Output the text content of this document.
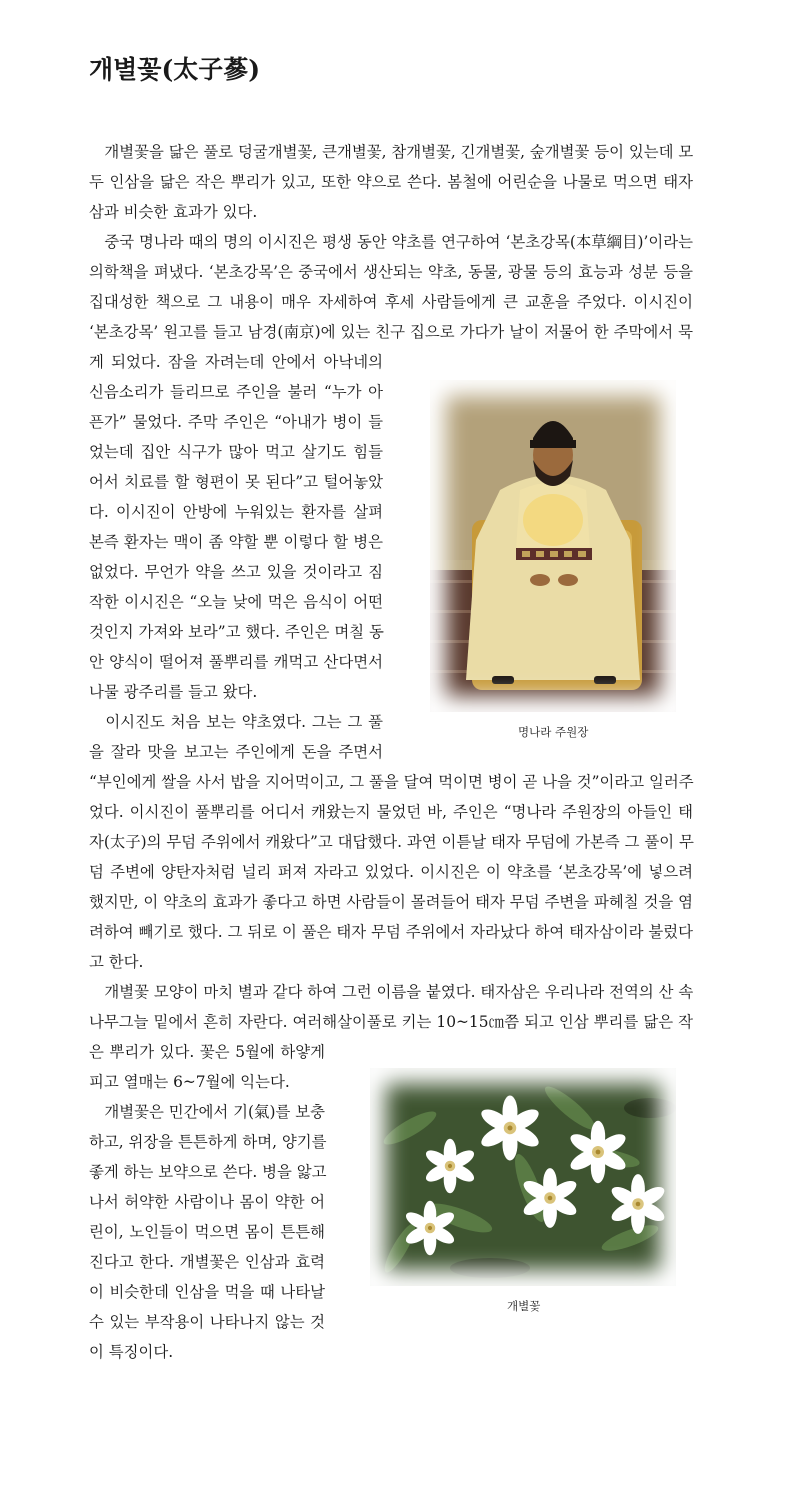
개별꽃(太子蔘)
　개별꽃을 닮은 풀로 덩굴개별꽃, 큰개별꽃, 참개별꽃, 긴개별꽃, 숲개별꽃 등이 있는데 모
두 인삼을 닮은 작은 뿌리가 있고, 또한 약으로 쓴다. 봄철에 어린순을 나물로 먹으면 태자
삼과 비슷한 효과가 있다.
　중국 명나라 때의 명의 이시진은 평생 동안 약초를 연구하여 ‘본초강목(本草綱目)’이라는
의학책을 펴냈다. ‘본초강목’은 중국에서 생산되는 약초, 동물, 광물 등의 효능과 성분 등을
집대성한 책으로 그 내용이 매우 자세하여 후세 사람들에게 큰 교훈을 주었다. 이시진이
‘본초강목’ 원고를 들고 남경(南京)에 있는 친구 집으로 가다가 날이 저물어 한 주막에서 묵
게 되었다. 잠을 자려는데 안에서 아낙네의
신음소리가 들리므로 주인을 불러 “누가 아
픈가” 물었다. 주막 주인은 “아내가 병이 들
었는데 집안 식구가 많아 먹고 살기도 힘들
어서 치료를 할 형편이 못 된다”고 털어놓았
다. 이시진이 안방에 누워있는 환자를 살펴
본즉 환자는 맥이 좀 약할 뿐 이렇다 할 병은
없었다. 무언가 약을 쓰고 있을 것이라고 짐
작한 이시진은 “오늘 낮에 먹은 음식이 어떤
것인지 가져와 보라”고 했다. 주인은 며칠 동
안 양식이 떨어져 풀뿌리를 캐먹고 산다면서
나물 광주리를 들고 왔다.
　이시진도 처음 보는 약초였다. 그는 그 풀
을 잘라 맛을 보고는 주인에게 돈을 주면서
“부인에게 쌀을 사서 밥을 지어먹이고, 그 풀을 달여 먹이면 병이 곧 나을 것”이라고 일러주
었다. 이시진이 풀뿌리를 어디서 캐왔는지 물었던 바, 주인은 “명나라 주원장의 아들인 태
자(太子)의 무덤 주위에서 캐왔다”고 대답했다. 과연 이튿날 태자 무덤에 가본즉 그 풀이 무
덤 주변에 양탄자처럼 널리 퍼져 자라고 있었다. 이시진은 이 약초를 ‘본초강목’에 넣으려
했지만, 이 약초의 효과가 좋다고 하면 사람들이 몰려들어 태자 무덤 주변을 파헤칠 것을 염
려하여 빼기로 했다. 그 뒤로 이 풀은 태자 무덤 주위에서 자라났다 하여 태자삼이라 불렀다
고 한다.
　개별꽃 모양이 마치 별과 같다 하여 그런 이름을 붙였다. 태자삼은 우리나라 전역의 산 속
나무그늘 밑에서 흔히 자란다. 여러해살이풀로 키는 10~15㎝쯤 되고 인삼 뿌리를 닮은 작
은 뿌리가 있다. 꽃은 5월에 하얗게
피고 열매는 6~7월에 익는다.
　개별꽃은 민간에서 기(氣)를 보충
하고, 위장을 튼튼하게 하며, 양기를
좋게 하는 보약으로 쓴다. 병을 앓고
나서 허약한 사람이나 몸이 약한 어
린이, 노인들이 먹으면 몸이 튼튼해
진다고 한다. 개별꽃은 인삼과 효력
이 비슷한데 인삼을 먹을 때 나타날
수 있는 부작용이 나타나지 않는 것
이 특징이다.
명나라 주원장
개별꽃
